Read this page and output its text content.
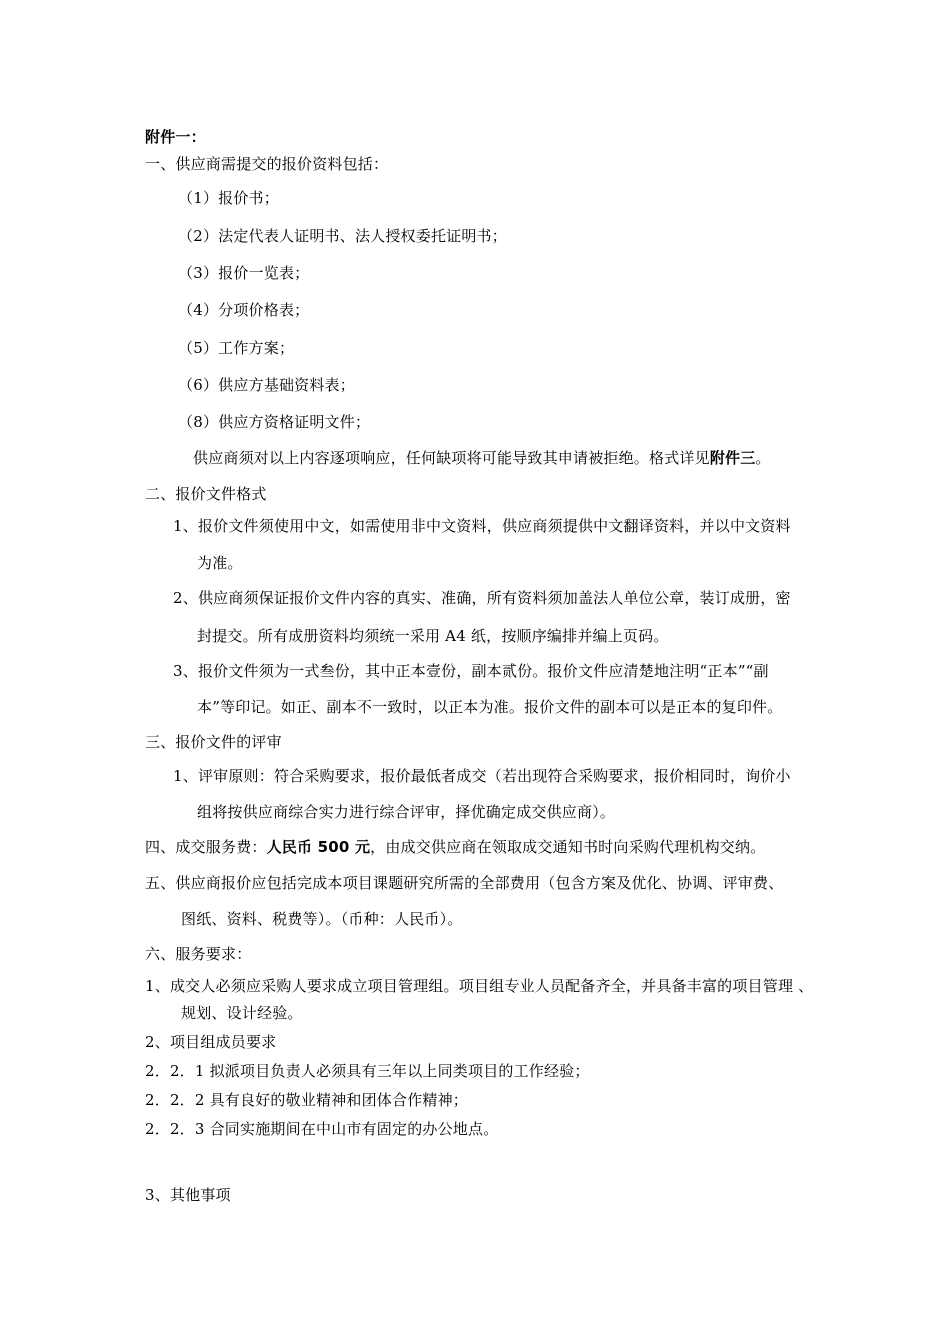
附件一：
一、供应商需提交的报价资料包括：
（1）报价书；
（2）法定代表人证明书、法人授权委托证明书；
（3）报价一览表；
（4）分项价格表；
（5）工作方案；
（6）供应方基础资料表；
（8）供应方资格证明文件；
供应商须对以上内容逐项响应，任何缺项将可能导致其申请被拒绝。格式详见附件三。
二、报价文件格式
1、报价文件须使用中文，如需使用非中文资料，供应商须提供中文翻译资料，并以中文资料
为准。
2、供应商须保证报价文件内容的真实、准确，所有资料须加盖法人单位公章，装订成册，密
封提交。所有成册资料均须统一采用 A4 纸，按顺序编排并编上页码。
3、报价文件须为一式叁份，其中正本壹份，副本贰份。报价文件应清楚地注明“正本”“副
本”等印记。如正、副本不一致时，以正本为准。报价文件的副本可以是正本的复印件。
三、报价文件的评审
1、评审原则：符合采购要求，报价最低者成交（若出现符合采购要求，报价相同时，询价小
组将按供应商综合实力进行综合评审，择优确定成交供应商）。
四、成交服务费：人民币 500 元，由成交供应商在领取成交通知书时向采购代理机构交纳。
五、供应商报价应包括完成本项目课题研究所需的全部费用（包含方案及优化、协调、评审费、
图纸、资料、税费等）。（币种：人民币）。
六、服务要求：
1、成交人必须应采购人要求成立项目管理组。项目组专业人员配备齐全，并具备丰富的项目管理 、
规划、设计经验。
2、项目组成员要求
2．2．1 拟派项目负责人必须具有三年以上同类项目的工作经验；
2．2．2 具有良好的敬业精神和团体合作精神；
2．2．3 合同实施期间在中山市有固定的办公地点。
3、其他事项
